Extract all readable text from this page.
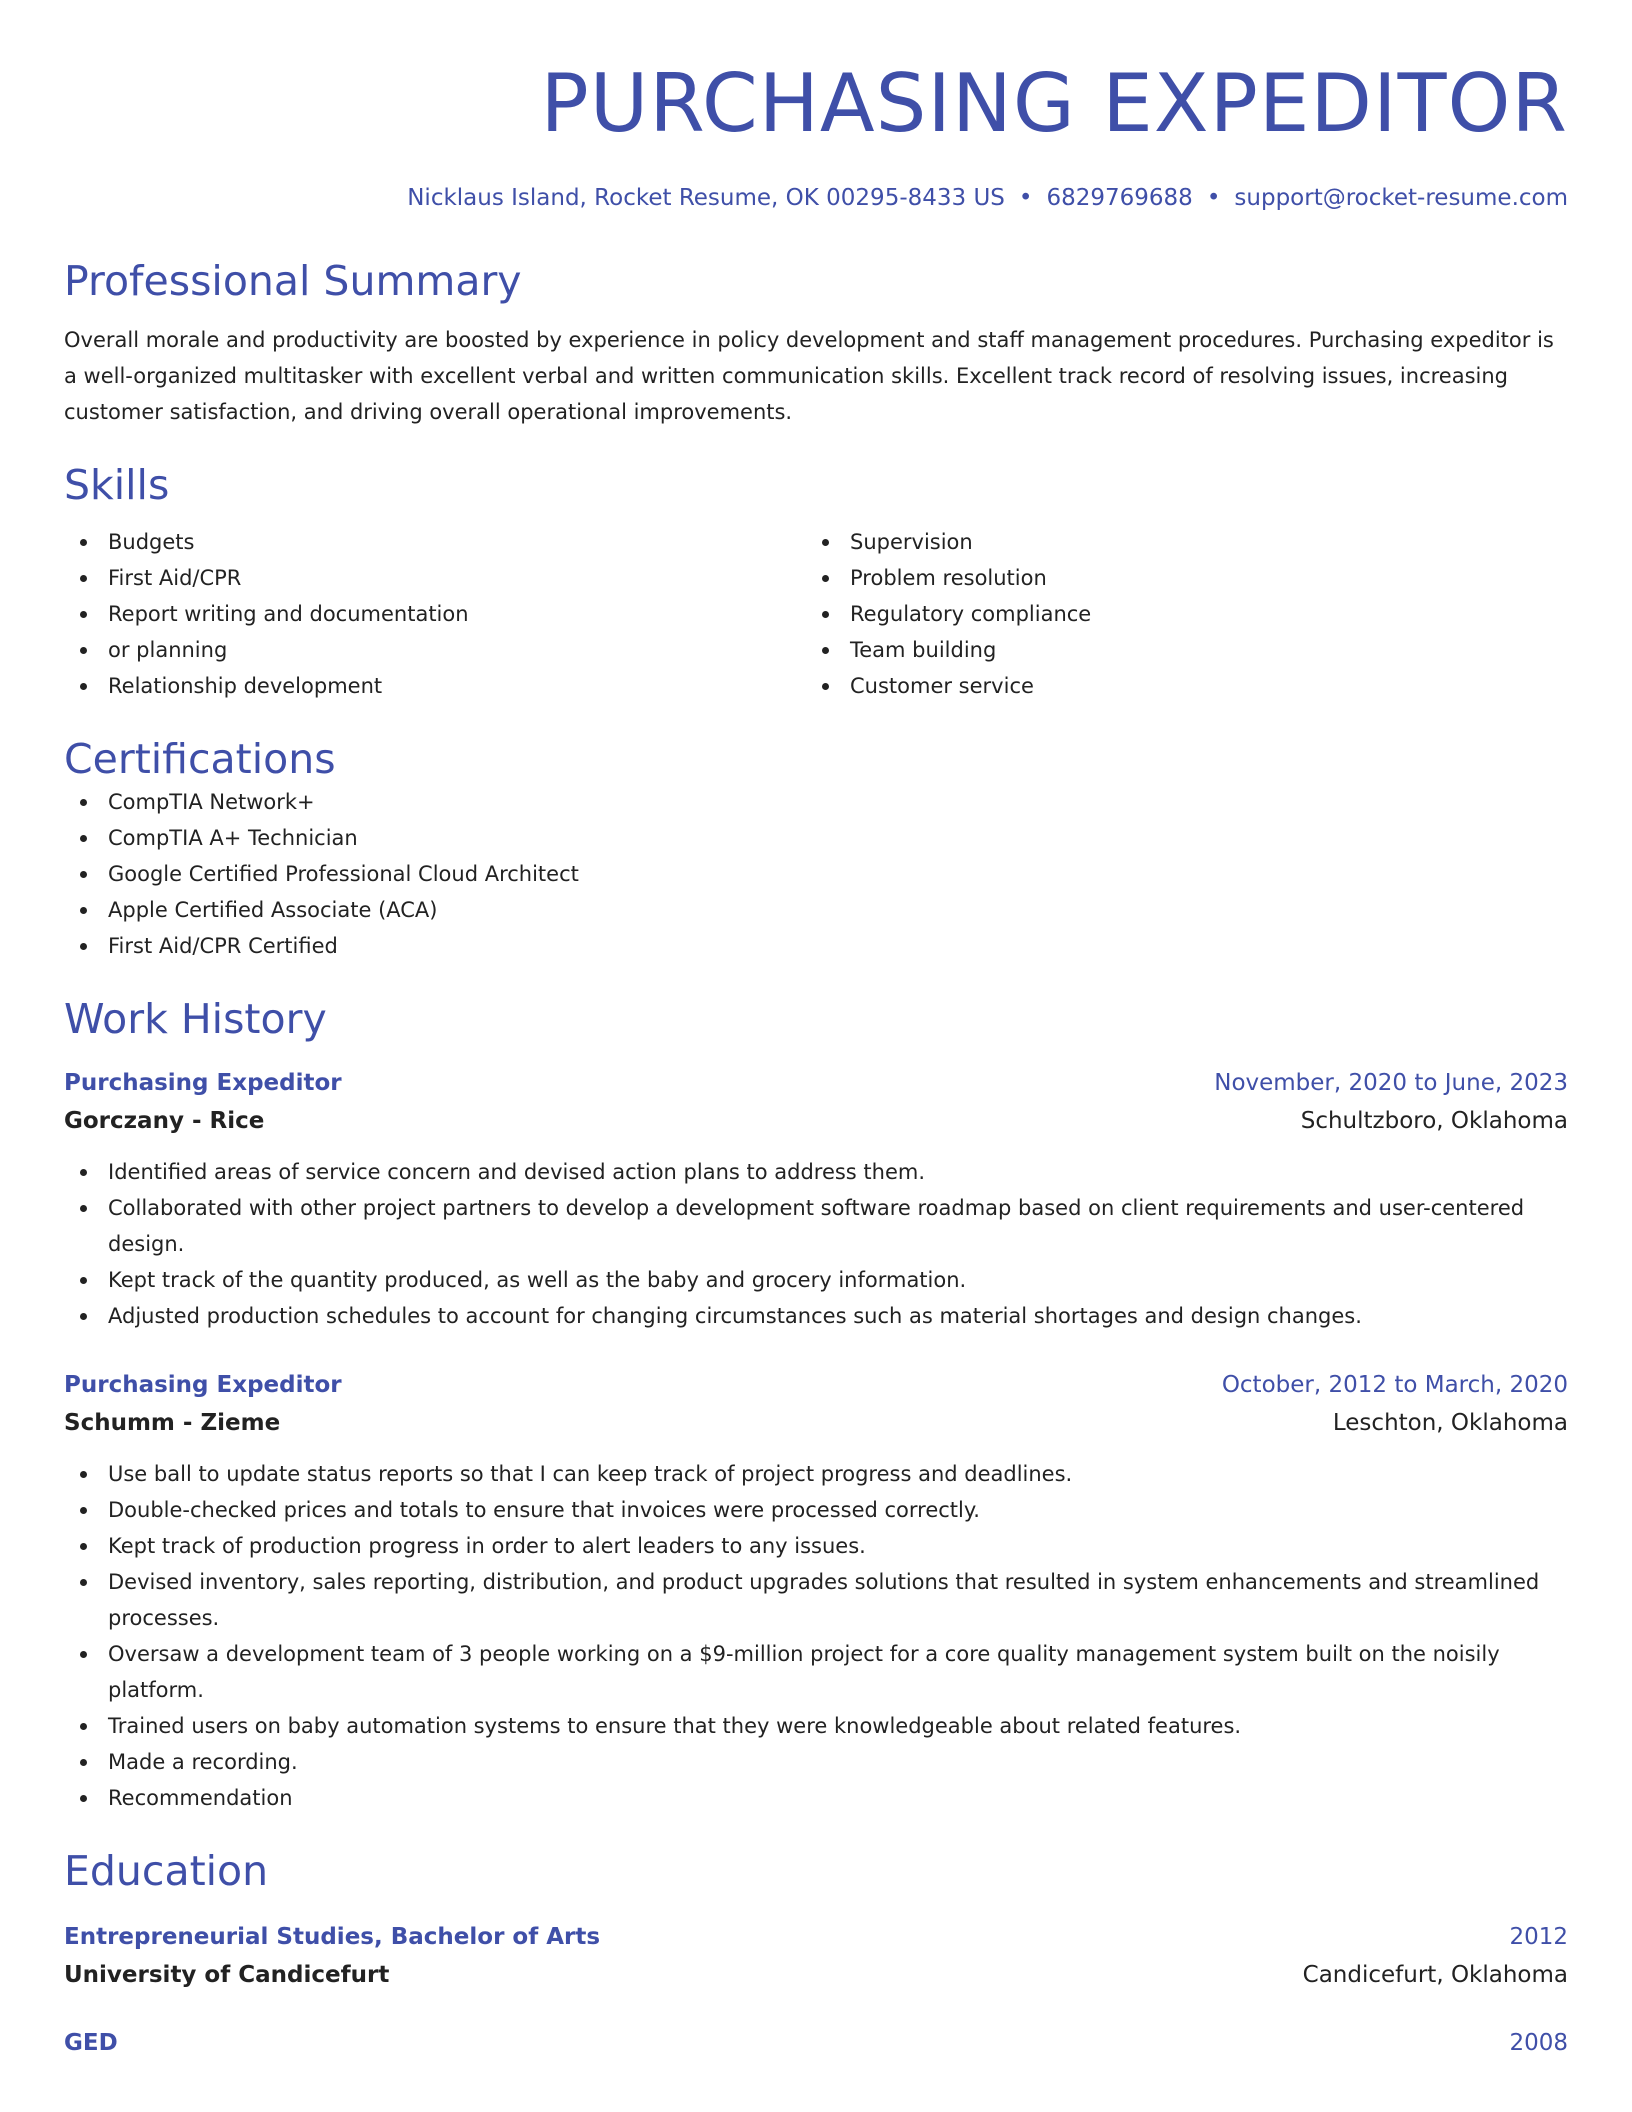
PURCHASING EXPEDITOR
Nicklaus Island, Rocket Resume, OK 00295-8433 US • 6829769688 • support@rocket-resume.com
Professional Summary
Overall morale and productivity are boosted by experience in policy development and staff management procedures. Purchasing expeditor is a well-organized multitasker with excellent verbal and written communication skills. Excellent track record of resolving issues, increasing customer satisfaction, and driving overall operational improvements.
Skills
Budgets
First Aid/CPR
Report writing and documentation
or planning
Relationship development
Supervision
Problem resolution
Regulatory compliance
Team building
Customer service
Certifications
CompTIA Network+
CompTIA A+ Technician
Google Certified Professional Cloud Architect
Apple Certified Associate (ACA)
First Aid/CPR Certified
Work History
Purchasing Expeditor	November, 2020 to June, 2023
Gorczany - Rice	Schultzboro, Oklahoma
Identified areas of service concern and devised action plans to address them.
Collaborated with other project partners to develop a development software roadmap based on client requirements and user-centered design.
Kept track of the quantity produced, as well as the baby and grocery information.
Adjusted production schedules to account for changing circumstances such as material shortages and design changes.
Purchasing Expeditor	October, 2012 to March, 2020
Schumm - Zieme	Leschton, Oklahoma
Use ball to update status reports so that I can keep track of project progress and deadlines.
Double-checked prices and totals to ensure that invoices were processed correctly.
Kept track of production progress in order to alert leaders to any issues.
Devised inventory, sales reporting, distribution, and product upgrades solutions that resulted in system enhancements and streamlined processes.
Oversaw a development team of 3 people working on a $9-million project for a core quality management system built on the noisily platform.
Trained users on baby automation systems to ensure that they were knowledgeable about related features.
Made a recording.
Recommendation
Education
Entrepreneurial Studies, Bachelor of Arts	2012
University of Candicefurt	Candicefurt, Oklahoma
GED	2008
